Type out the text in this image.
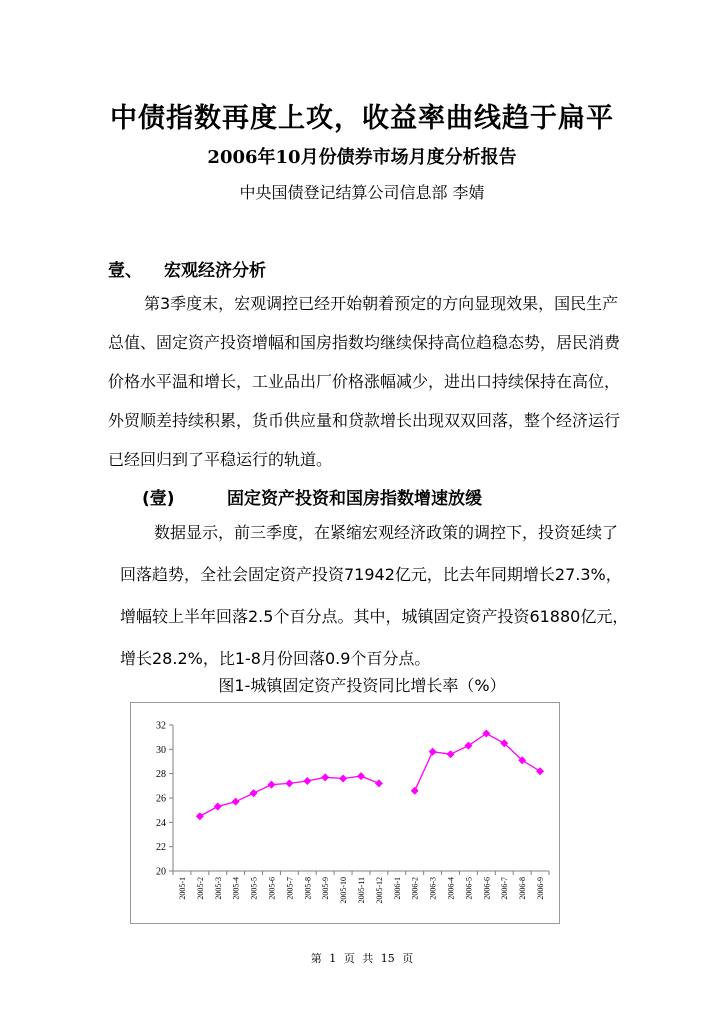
中债指数再度上攻，收益率曲线趋于扁平
2006年10月份债券市场月度分析报告
中央国债登记结算公司信息部 李婧
壹、 宏观经济分析

第3季度末，宏观调控已经开始朝着预定的方向显现效果，国民生产总值、固定资产投资增幅和国房指数均继续保持高位趋稳态势，居民消费价格水平温和增长，工业品出厂价格涨幅减少，进出口持续保持在高位，外贸顺差持续积累，货币供应量和贷款增长出现双双回落，整个经济运行已经回归到了平稳运行的轨道。

(壹)	固定资产投资和国房指数增速放缓

数据显示，前三季度，在紧缩宏观经济政策的调控下，投资延续了回落趋势，全社会固定资产投资71942亿元，比去年同期增长27.3%，增幅较上半年回落2.5个百分点。其中，城镇固定资产投资61880亿元，增长28.2%，比1-8月份回落0.9个百分点。

图1-城镇固定资产投资同比增长率（%）
20
22
24
26
28
30
32
2005-1 2005-2 2005-3 2005-4 2005-5 2005-6 2005-7 2005-8 2005-9 2005-10 2005-11 2005-12 2006-1 2006-2 2006-3 2006-4 2006-5 2006-6 2006-7 2006-8 2006-9
第 1 页 共 15 页
